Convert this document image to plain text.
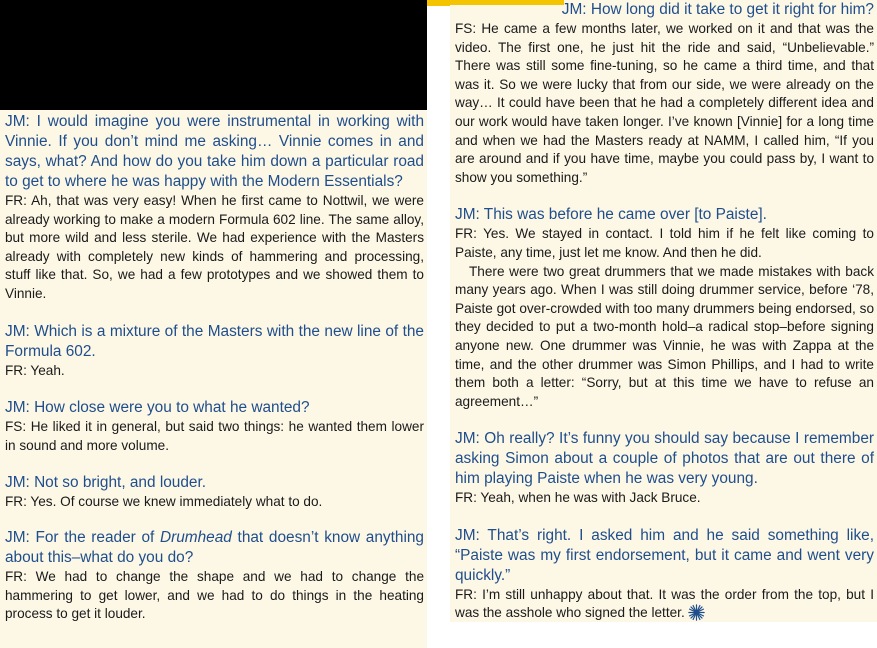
JM: I would imagine you were instrumental in working with Vinnie. If you don’t mind me asking… Vinnie comes in and says, what? And how do you take him down a particular road to get to where he was happy with the Modern Essentials?

FR: Ah, that was very easy! When he first came to Nottwil, we were already working to make a modern Formula 602 line. The same alloy, but more wild and less sterile. We had experience with the Masters already with completely new kinds of hammering and processing, stuff like that. So, we had a few prototypes and we showed them to Vinnie.

JM: Which is a mixture of the Masters with the new line of the Formula 602.

FR: Yeah.

JM: How close were you to what he wanted?

FS: He liked it in general, but said two things: he wanted them lower in sound and more volume.

JM: Not so bright, and louder.

FR: Yes. Of course we knew immediately what to do.

JM: For the reader of Drumhead that doesn’t know anything about this–what do you do?

FR: We had to change the shape and we had to change the hammering to get lower, and we had to do things in the heating process to get it louder.

JM: How long did it take to get it right for him?

FS: He came a few months later, we worked on it and that was the video. The first one, he just hit the ride and said, “Unbelievable.” There was still some fine-tuning, so he came a third time, and that was it. So we were lucky that from our side, we were already on the way… It could have been that he had a completely different idea and our work would have taken longer. I’ve known [Vinnie] for a long time and when we had the Masters ready at NAMM, I called him, “If you are around and if you have time, maybe you could pass by, I want to show you something.”

JM: This was before he came over [to Paiste].

FR: Yes. We stayed in contact. I told him if he felt like coming to Paiste, any time, just let me know. And then he did.

There were two great drummers that we made mistakes with back many years ago. When I was still doing drummer service, before ‘78, Paiste got over-crowded with too many drummers being endorsed, so they decided to put a two-month hold–a radical stop–before signing anyone new. One drummer was Vinnie, he was with Zappa at the time, and the other drummer was Simon Phillips, and I had to write them both a letter: “Sorry, but at this time we have to refuse an agreement…”

JM: Oh really? It’s funny you should say because I remember asking Simon about a couple of photos that are out there of him playing Paiste when he was very young.

FR: Yeah, when he was with Jack Bruce.

JM: That’s right. I asked him and he said something like, “Paiste was my first endorsement, but it came and went very quickly.”

FR: I’m still unhappy about that. It was the order from the top, but I was the asshole who signed the letter.
